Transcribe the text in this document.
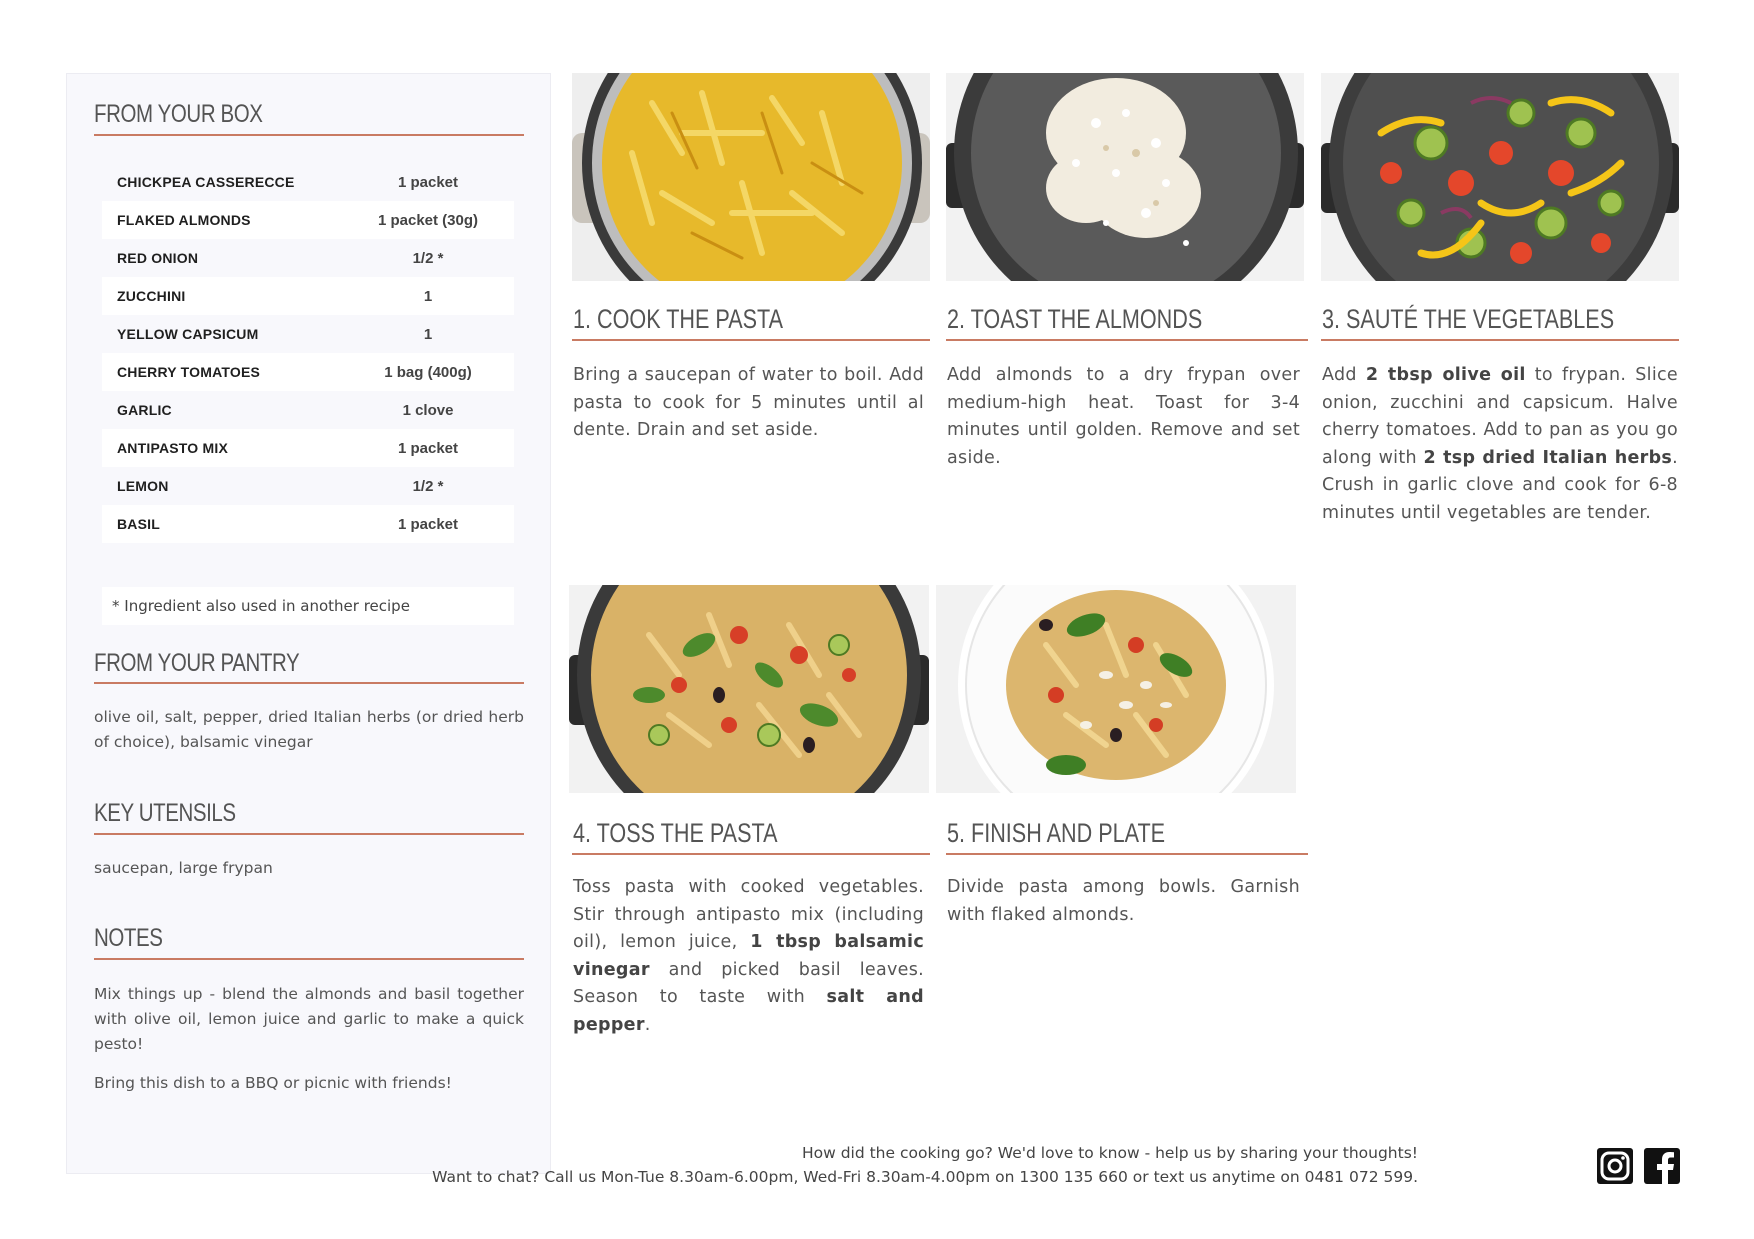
FROM YOUR BOX
CHICKPEA CASSERECCE	1 packet
FLAKED ALMONDS	1 packet (30g)
RED ONION	1/2 *
ZUCCHINI	1
YELLOW CAPSICUM	1
CHERRY TOMATOES	1 bag (400g)
GARLIC	1 clove
ANTIPASTO MIX	1 packet
LEMON	1/2 *
BASIL	1 packet
* Ingredient also used in another recipe
FROM YOUR PANTRY
olive oil, salt, pepper, dried Italian herbs (or dried herb of choice), balsamic vinegar
KEY UTENSILS
saucepan, large frypan
NOTES
Mix things up - blend the almonds and basil together with olive oil, lemon juice and garlic to make a quick pesto!
Bring this dish to a BBQ or picnic with friends!
1. COOK THE PASTA
Bring a saucepan of water to boil. Add pasta to cook for 5 minutes until al dente. Drain and set aside.
2. TOAST THE ALMONDS
Add almonds to a dry frypan over medium-high heat. Toast for 3-4 minutes until golden. Remove and set aside.
3. SAUTÉ THE VEGETABLES
Add 2 tbsp olive oil to frypan. Slice onion, zucchini and capsicum. Halve cherry tomatoes. Add to pan as you go along with 2 tsp dried Italian herbs. Crush in garlic clove and cook for 6-8 minutes until vegetables are tender.
4. TOSS THE PASTA
Toss pasta with cooked vegetables. Stir through antipasto mix (including oil), lemon juice, 1 tbsp balsamic vinegar and picked basil leaves. Season to taste with salt and pepper.
5. FINISH AND PLATE
Divide pasta among bowls. Garnish with flaked almonds.
How did the cooking go? We'd love to know - help us by sharing your thoughts!
Want to chat? Call us Mon-Tue 8.30am-6.00pm, Wed-Fri 8.30am-4.00pm on 1300 135 660 or text us anytime on 0481 072 599.
